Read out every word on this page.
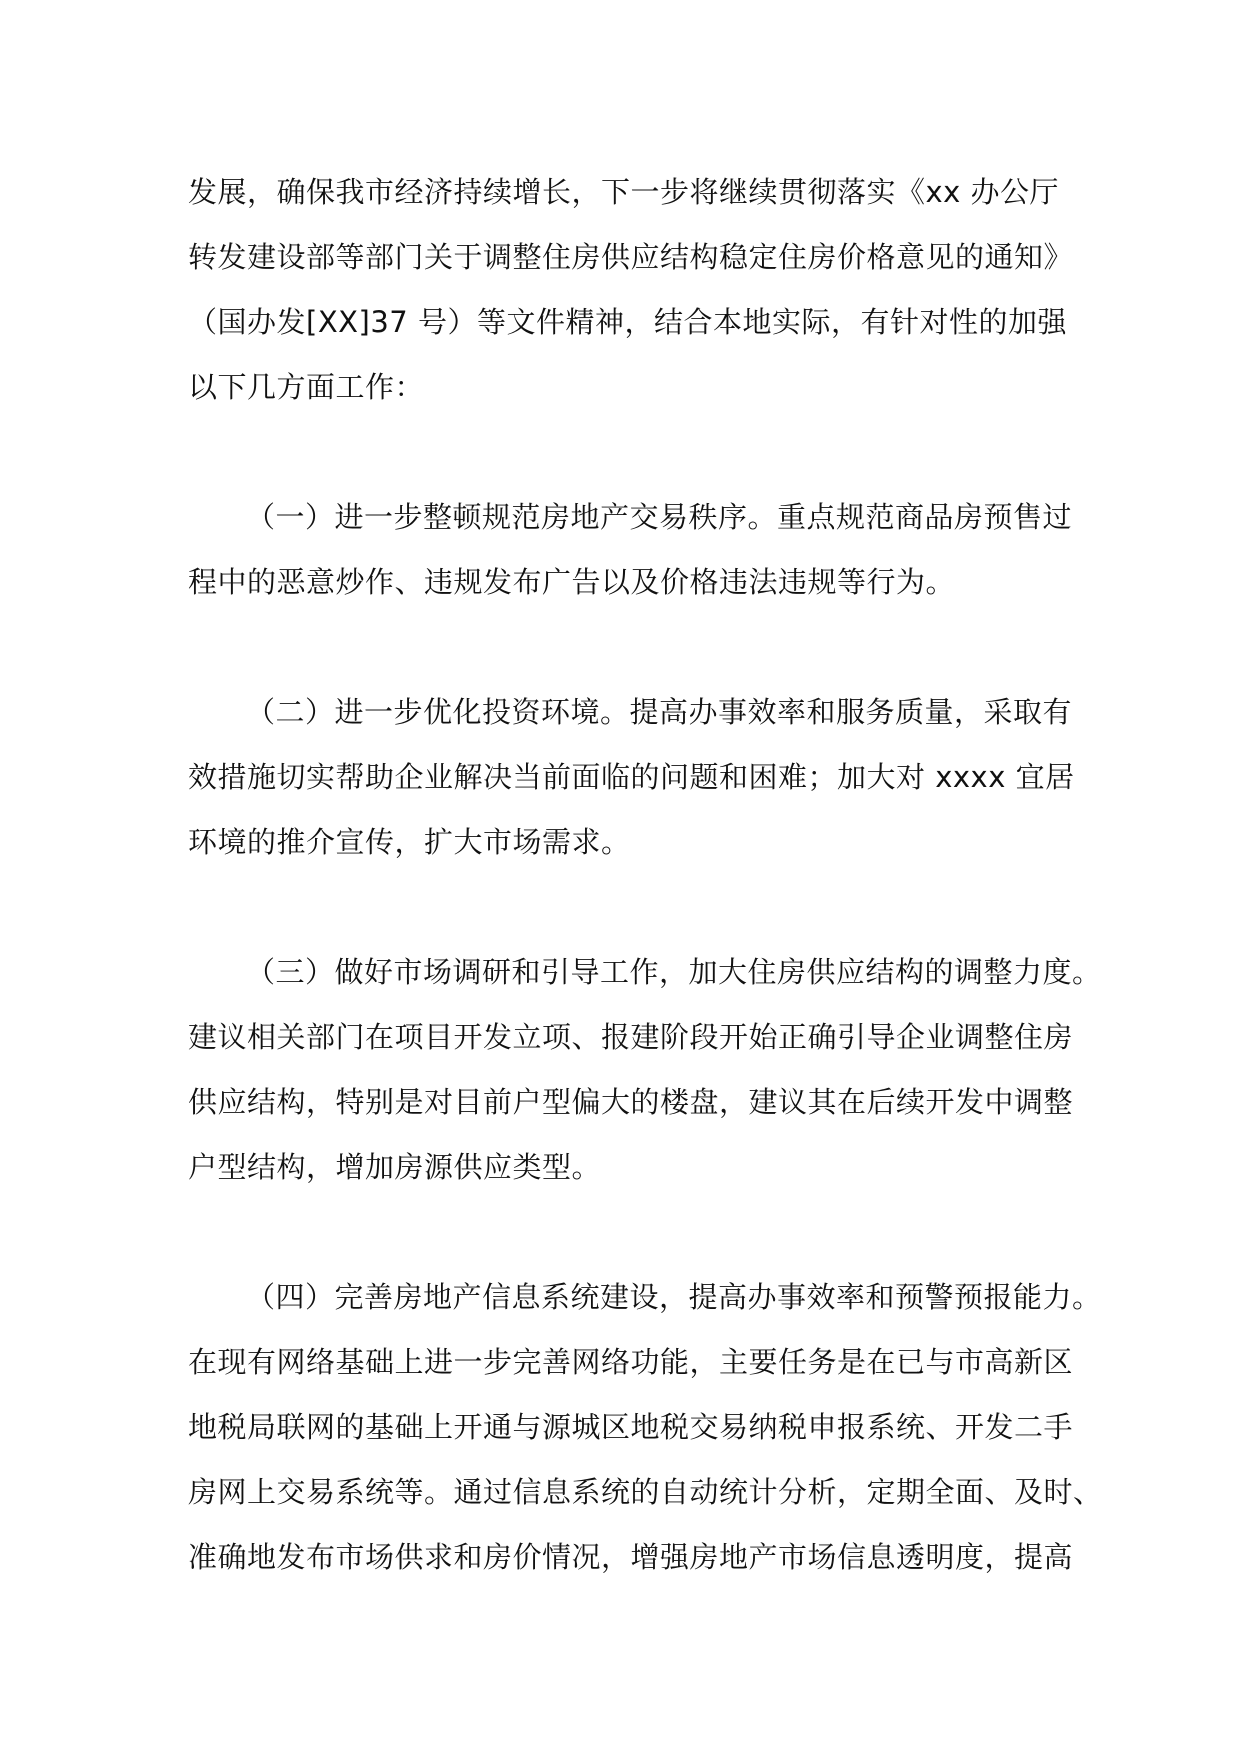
发展，确保我市经济持续增长，下一步将继续贯彻落实《xx 办公厅
转发建设部等部门关于调整住房供应结构稳定住房价格意见的通知》
（国办发[XX]37 号）等文件精神，结合本地实际，有针对性的加强
以下几方面工作：

（一）进一步整顿规范房地产交易秩序。重点规范商品房预售过
程中的恶意炒作、违规发布广告以及价格违法违规等行为。

（二）进一步优化投资环境。提高办事效率和服务质量，采取有
效措施切实帮助企业解决当前面临的问题和困难；加大对 xxxx 宜居
环境的推介宣传，扩大市场需求。

（三）做好市场调研和引导工作，加大住房供应结构的调整力度。
建议相关部门在项目开发立项、报建阶段开始正确引导企业调整住房
供应结构，特别是对目前户型偏大的楼盘，建议其在后续开发中调整
户型结构，增加房源供应类型。

（四）完善房地产信息系统建设，提高办事效率和预警预报能力。
在现有网络基础上进一步完善网络功能，主要任务是在已与市高新区
地税局联网的基础上开通与源城区地税交易纳税申报系统、开发二手
房网上交易系统等。通过信息系统的自动统计分析，定期全面、及时、
准确地发布市场供求和房价情况，增强房地产市场信息透明度，提高
